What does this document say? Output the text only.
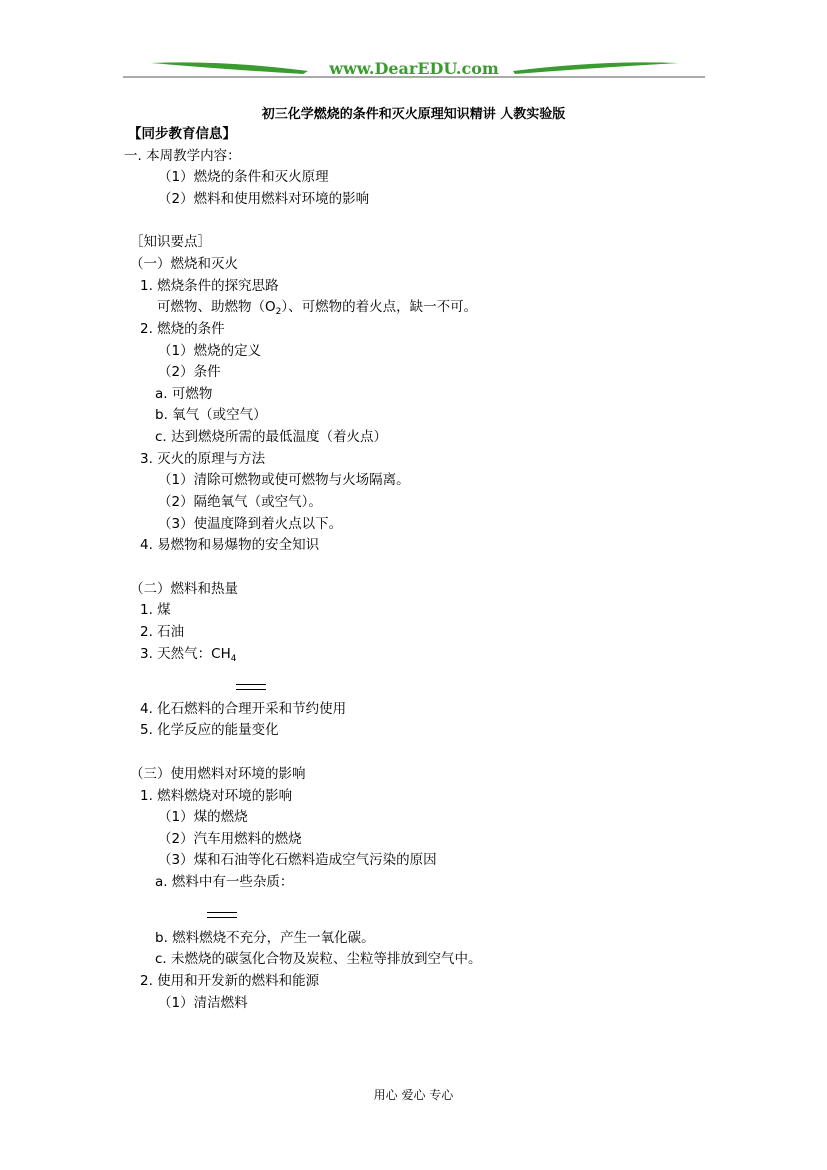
www.DearEDU.com
初三化学燃烧的条件和灭火原理知识精讲 人教实验版
【同步教育信息】
一. 本周教学内容：
（1）燃烧的条件和灭火原理
（2）燃料和使用燃料对环境的影响
［知识要点］
（一）燃烧和灭火
1. 燃烧条件的探究思路
可燃物、助燃物$(O_2)$、可燃物的着火点，缺一不可。
2. 燃烧的条件
（1）燃烧的定义
（2）条件
a. 可燃物
b. 氧气（或空气）
c. 达到燃烧所需的最低温度（着火点）
3. 灭火的原理与方法
（1）清除可燃物或使可燃物与火场隔离。
（2）隔绝氧气（或空气）。
（3）使温度降到着火点以下。
4. 易燃物和易爆物的安全知识
（二）燃料和热量
1. 煤
2. 石油
3. 天然气：$CH_4$
4. 化石燃料的合理开采和节约使用
5. 化学反应的能量变化
（三）使用燃料对环境的影响
1. 燃料燃烧对环境的影响
（1）煤的燃烧
（2）汽车用燃料的燃烧
（3）煤和石油等化石燃料造成空气污染的原因
a. 燃料中有一些杂质：
b. 燃料燃烧不充分，产生一氧化碳。
c. 未燃烧的碳氢化合物及炭粒、尘粒等排放到空气中。
2. 使用和开发新的燃料和能源
（1）清洁燃料
用心 爱心 专心
